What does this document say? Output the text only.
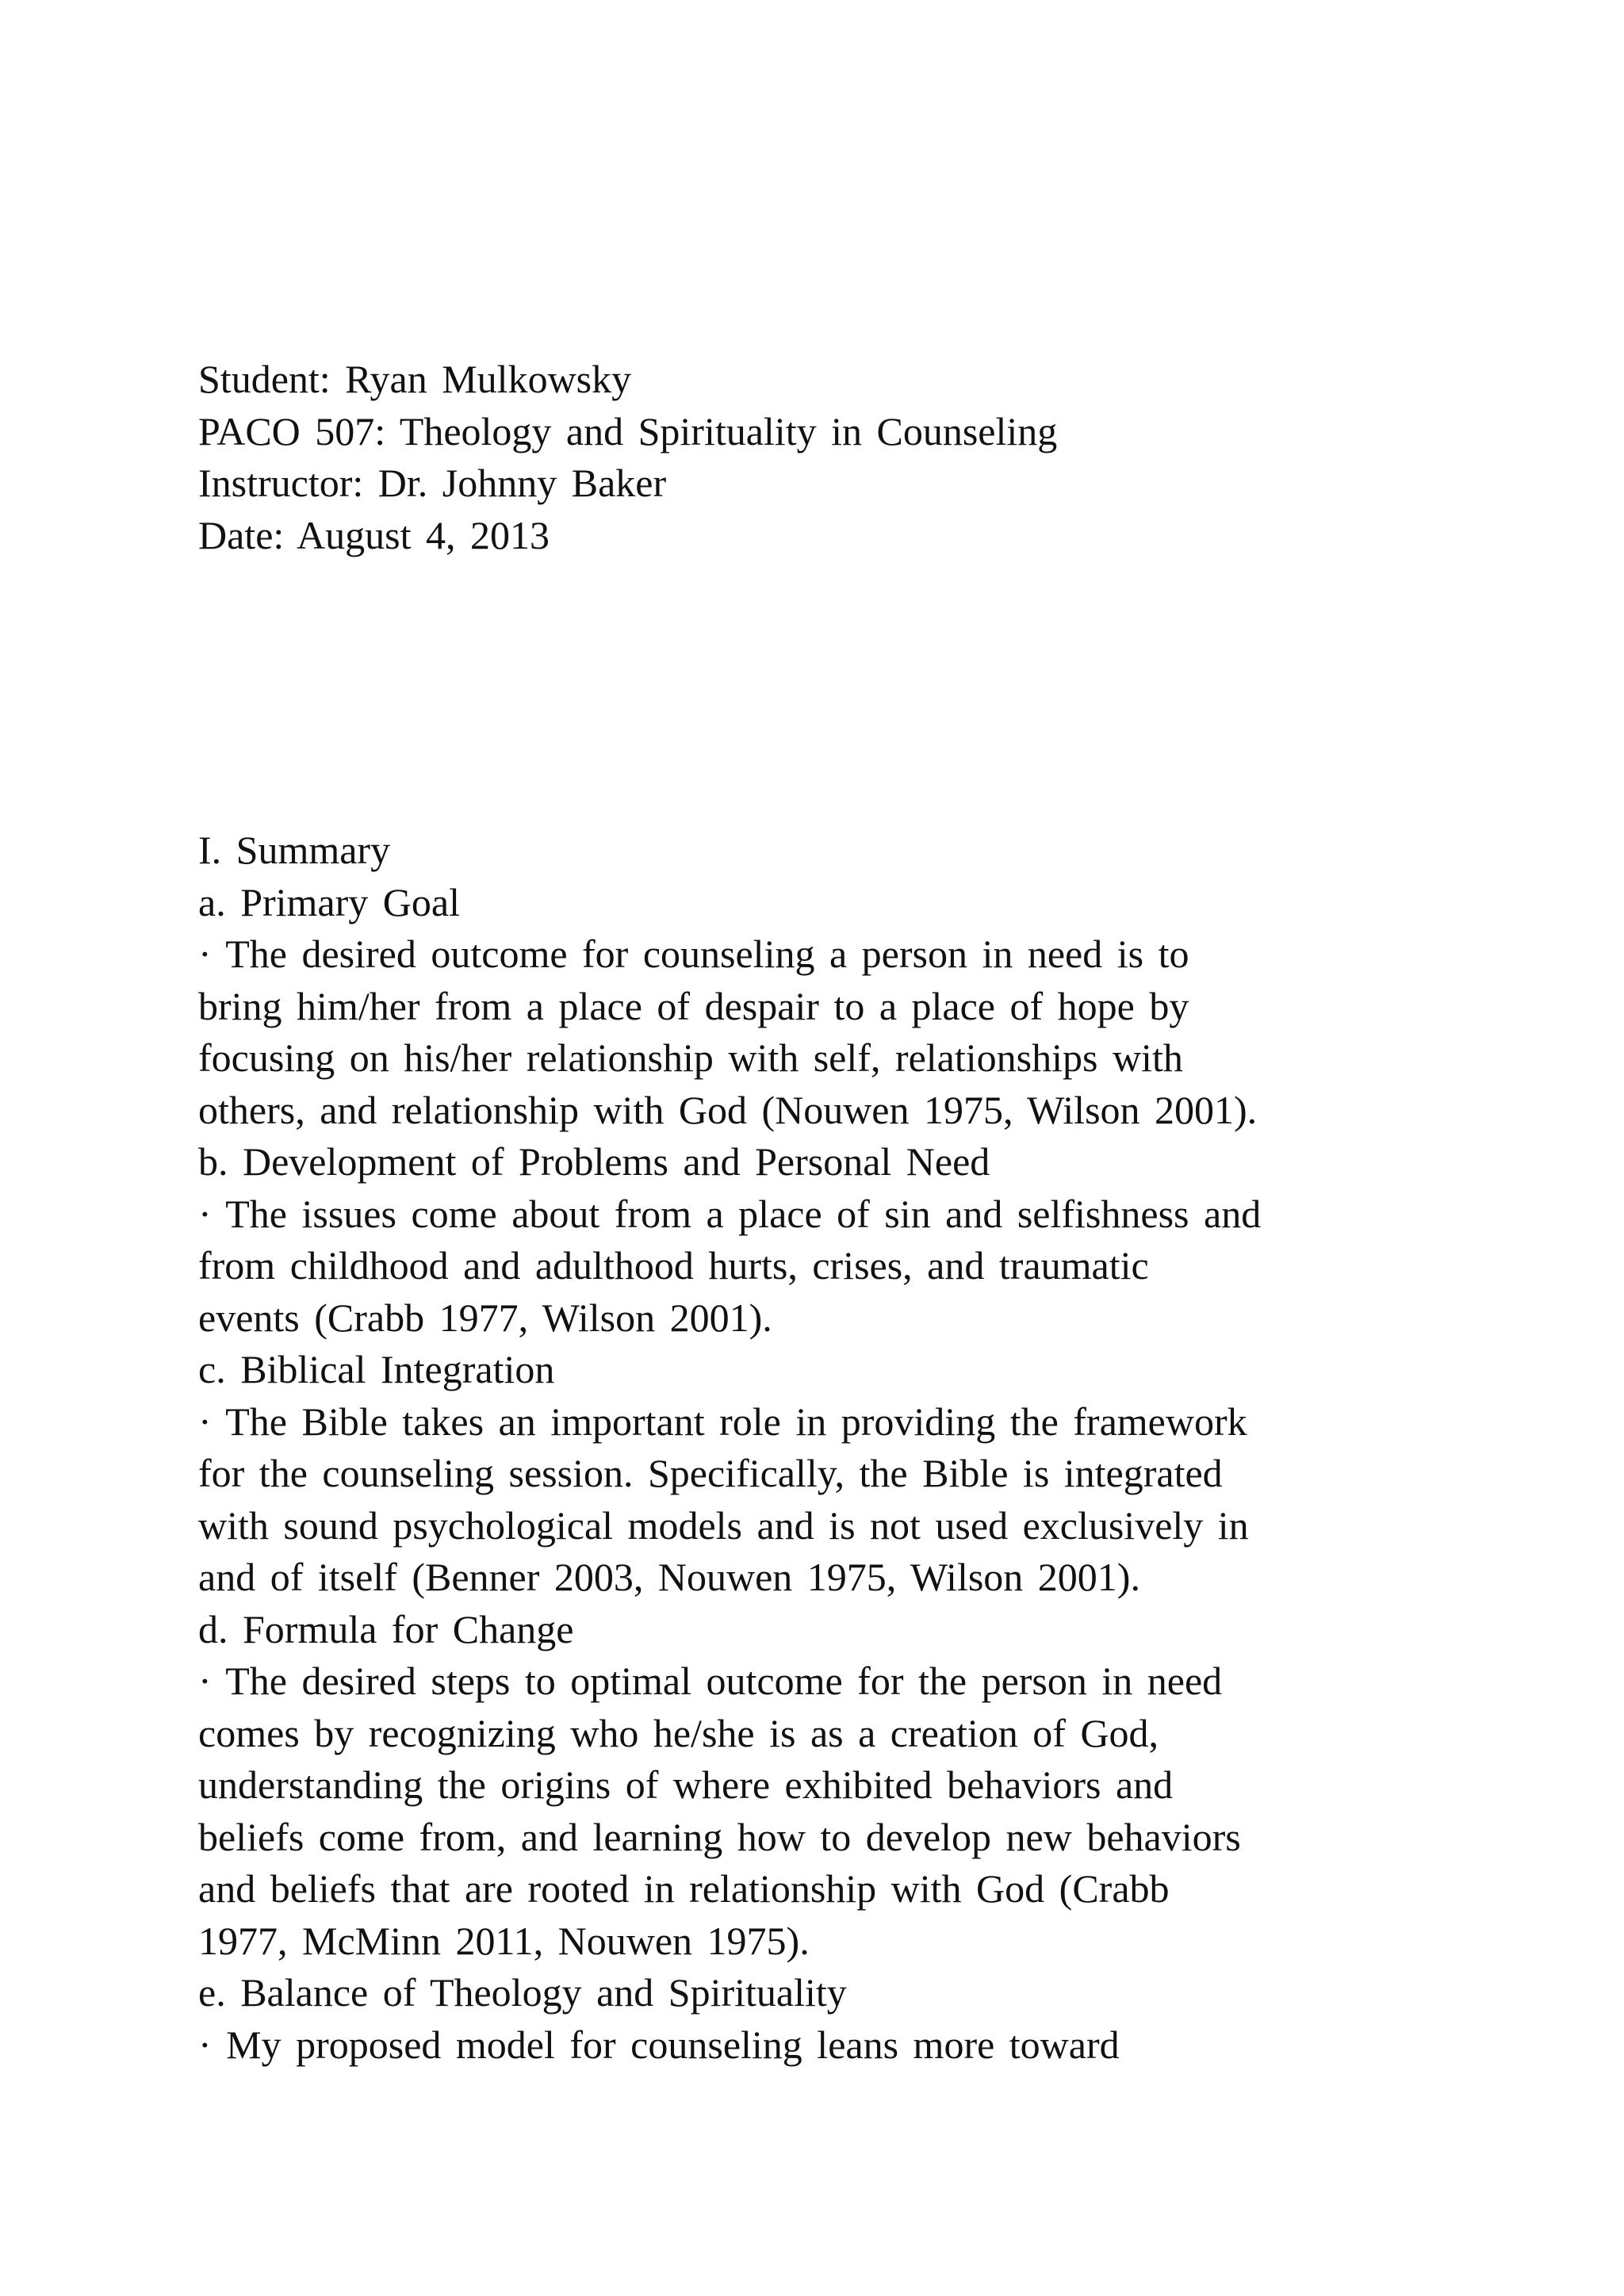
Student: Ryan Mulkowsky
PACO 507: Theology and Spirituality in Counseling
Instructor: Dr. Johnny Baker
Date: August 4, 2013
I. Summary
a. Primary Goal
· The desired outcome for counseling a person in need is to
bring him/her from a place of despair to a place of hope by
focusing on his/her relationship with self, relationships with
others, and relationship with God (Nouwen 1975, Wilson 2001).
b. Development of Problems and Personal Need
· The issues come about from a place of sin and selfishness and
from childhood and adulthood hurts, crises, and traumatic
events (Crabb 1977, Wilson 2001).
c. Biblical Integration
· The Bible takes an important role in providing the framework
for the counseling session. Specifically, the Bible is integrated
with sound psychological models and is not used exclusively in
and of itself (Benner 2003, Nouwen 1975, Wilson 2001).
d. Formula for Change
· The desired steps to optimal outcome for the person in need
comes by recognizing who he/she is as a creation of God,
understanding the origins of where exhibited behaviors and
beliefs come from, and learning how to develop new behaviors
and beliefs that are rooted in relationship with God (Crabb
1977, McMinn 2011, Nouwen 1975).
e. Balance of Theology and Spirituality
· My proposed model for counseling leans more toward
